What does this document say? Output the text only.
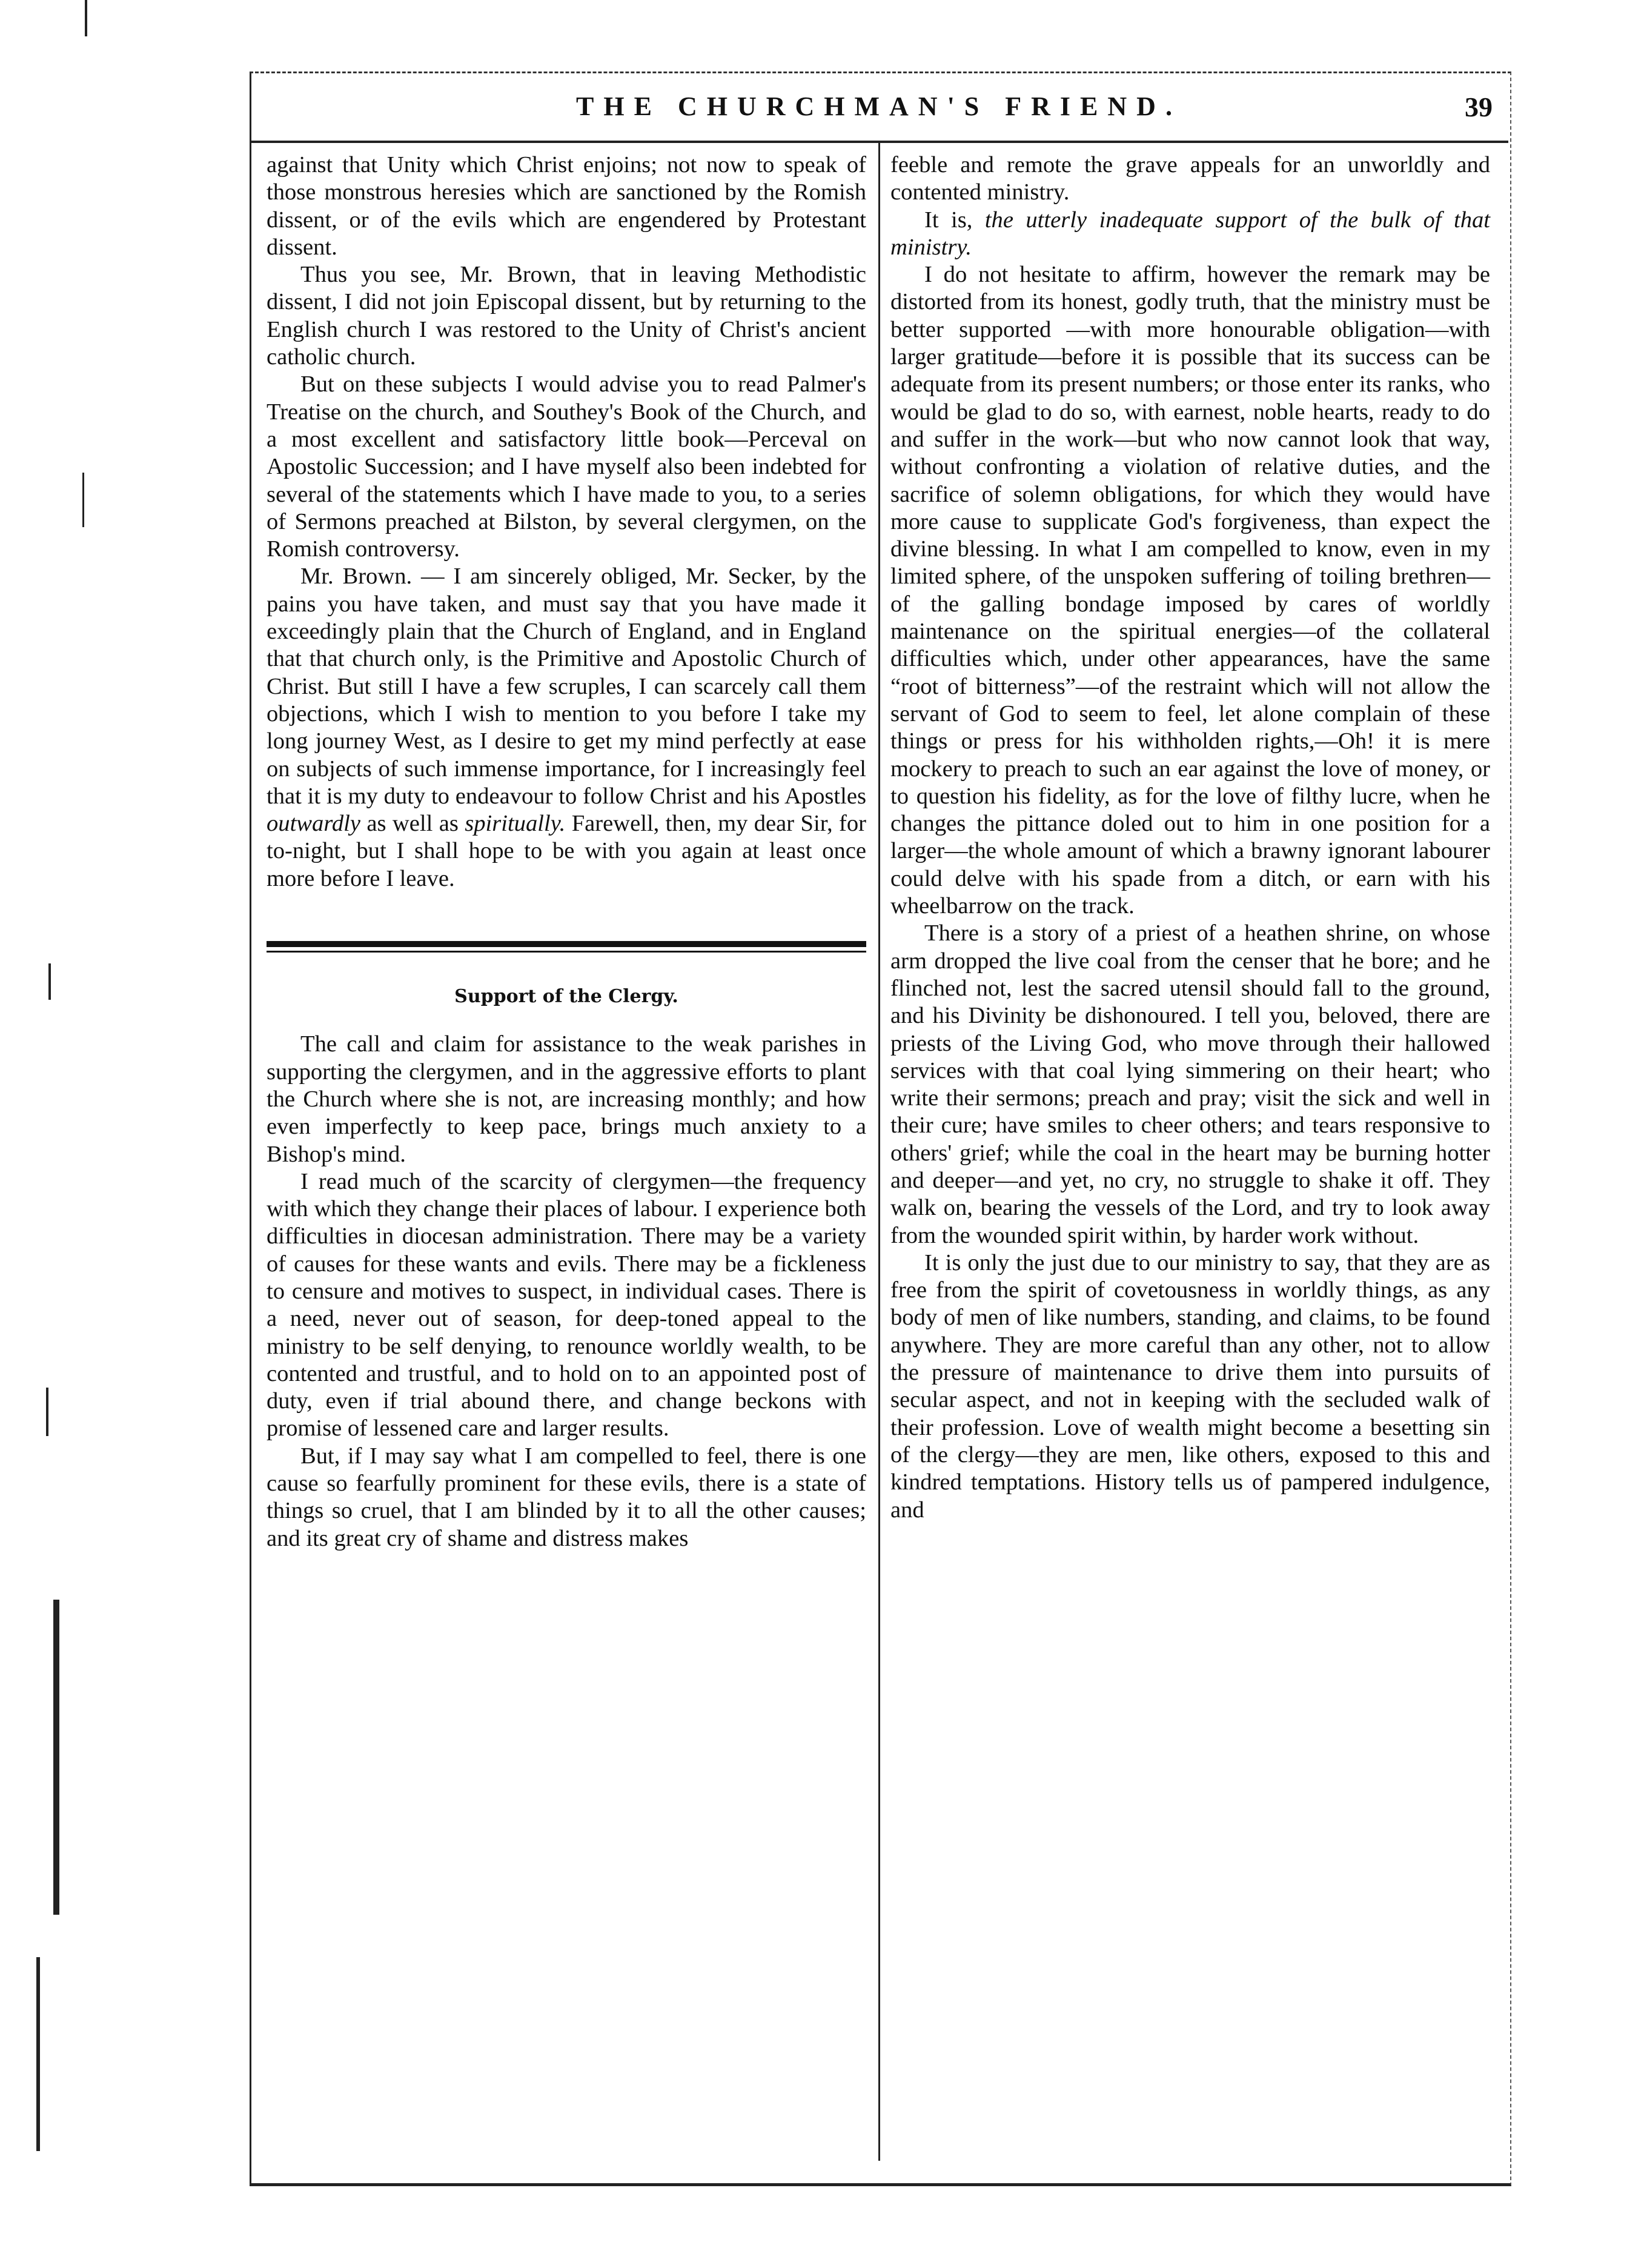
THE CHURCHMAN'S FRIEND.	39

against that Unity which Christ enjoins; not now to speak of those monstrous heresies which are sanctioned by the Romish dissent, or of the evils which are engendered by Protestant dissent.

Thus you see, Mr. Brown, that in leaving Methodistic dissent, I did not join Episcopal dissent, but by returning to the English church I was restored to the Unity of Christ's ancient catholic church.

But on these subjects I would advise you to read Palmer's Treatise on the church, and Southey's Book of the Church, and a most excellent and satisfactory little book—Perceval on Apostolic Succession; and I have myself also been indebted for several of the statements which I have made to you, to a series of Sermons preached at Bilston, by several clergymen, on the Romish controversy.

Mr. Brown. — I am sincerely obliged, Mr. Secker, by the pains you have taken, and must say that you have made it exceedingly plain that the Church of England, and in England that that church only, is the Primitive and Apostolic Church of Christ. But still I have a few scruples, I can scarcely call them objections, which I wish to mention to you before I take my long journey West, as I desire to get my mind perfectly at ease on subjects of such immense importance, for I increasingly feel that it is my duty to endeavour to follow Christ and his Apostles outwardly as well as spiritually. Farewell, then, my dear Sir, for to-night, but I shall hope to be with you again at least once more before I leave.

Support of the Clergy.

The call and claim for assistance to the weak parishes in supporting the clergymen, and in the aggressive efforts to plant the Church where she is not, are increasing monthly; and how even imperfectly to keep pace, brings much anxiety to a Bishop's mind.

I read much of the scarcity of clergymen—the frequency with which they change their places of labour. I experience both difficulties in diocesan administration. There may be a variety of causes for these wants and evils. There may be a fickleness to censure and motives to suspect, in individual cases. There is a need, never out of season, for deep-toned appeal to the ministry to be self denying, to renounce worldly wealth, to be contented and trustful, and to hold on to an appointed post of duty, even if trial abound there, and change beckons with promise of lessened care and larger results.

But, if I may say what I am compelled to feel, there is one cause so fearfully prominent for these evils, there is a state of things so cruel, that I am blinded by it to all the other causes; and its great cry of shame and distress makes

feeble and remote the grave appeals for an unworldly and contented ministry.

It is, the utterly inadequate support of the bulk of that ministry.

I do not hesitate to affirm, however the remark may be distorted from its honest, godly truth, that the ministry must be better supported —with more honourable obligation—with larger gratitude—before it is possible that its success can be adequate from its present numbers; or those enter its ranks, who would be glad to do so, with earnest, noble hearts, ready to do and suffer in the work—but who now cannot look that way, without confronting a violation of relative duties, and the sacrifice of solemn obligations, for which they would have more cause to supplicate God's forgiveness, than expect the divine blessing. In what I am compelled to know, even in my limited sphere, of the unspoken suffering of toiling brethren—of the galling bondage imposed by cares of worldly maintenance on the spiritual energies—of the collateral difficulties which, under other appearances, have the same “root of bitterness”—of the restraint which will not allow the servant of God to seem to feel, let alone complain of these things or press for his withholden rights,—Oh! it is mere mockery to preach to such an ear against the love of money, or to question his fidelity, as for the love of filthy lucre, when he changes the pittance doled out to him in one position for a larger—the whole amount of which a brawny ignorant labourer could delve with his spade from a ditch, or earn with his wheelbarrow on the track.

There is a story of a priest of a heathen shrine, on whose arm dropped the live coal from the censer that he bore; and he flinched not, lest the sacred utensil should fall to the ground, and his Divinity be dishonoured. I tell you, beloved, there are priests of the Living God, who move through their hallowed services with that coal lying simmering on their heart; who write their sermons; preach and pray; visit the sick and well in their cure; have smiles to cheer others; and tears responsive to others' grief; while the coal in the heart may be burning hotter and deeper—and yet, no cry, no struggle to shake it off. They walk on, bearing the vessels of the Lord, and try to look away from the wounded spirit within, by harder work without.

It is only the just due to our ministry to say, that they are as free from the spirit of covetousness in worldly things, as any body of men of like numbers, standing, and claims, to be found anywhere. They are more careful than any other, not to allow the pressure of maintenance to drive them into pursuits of secular aspect, and not in keeping with the secluded walk of their profession. Love of wealth might become a besetting sin of the clergy—they are men, like others, exposed to this and kindred temptations. History tells us of pampered indulgence, and
